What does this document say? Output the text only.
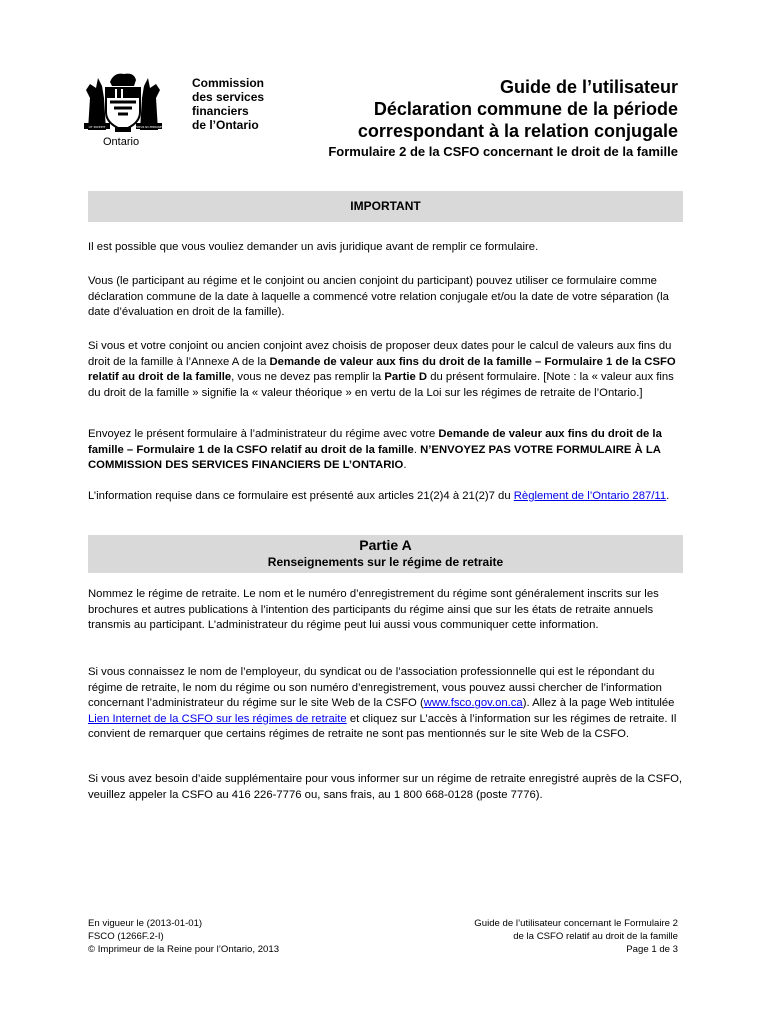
UT INCEPIT	FIDELIS SIC PERMANET
Ontario
Commission
des services
financiers
de l’Ontario
Guide de l’utilisateur
Déclaration commune de la période
correspondant à la relation conjugale
Formulaire 2 de la CSFO concernant le droit de la famille
IMPORTANT
Il est possible que vous vouliez demander un avis juridique avant de remplir ce formulaire.
Vous (le participant au régime et le conjoint ou ancien conjoint du participant) pouvez utiliser ce formulaire comme déclaration commune de la date à laquelle a commencé votre relation conjugale et/ou la date de votre séparation (la date d’évaluation en droit de la famille).
Si vous et votre conjoint ou ancien conjoint avez choisis de proposer deux dates pour le calcul de valeurs aux fins du droit de la famille à l’Annexe A de la Demande de valeur aux fins du droit de la famille – Formulaire 1 de la CSFO relatif au droit de la famille, vous ne devez pas remplir la Partie D du présent formulaire. [Note : la « valeur aux fins du droit de la famille » signifie la « valeur théorique » en vertu de la Loi sur les régimes de retraite de l’Ontario.]
Envoyez le présent formulaire à l’administrateur du régime avec votre Demande de valeur aux fins du droit de la famille – Formulaire 1 de la CSFO relatif au droit de la famille. N’ENVOYEZ PAS VOTRE FORMULAIRE À LA COMMISSION DES SERVICES FINANCIERS DE L’ONTARIO.
L’information requise dans ce formulaire est présenté aux articles 21(2)4 à 21(2)7 du Règlement de l’Ontario 287/11.
Partie A
Renseignements sur le régime de retraite
Nommez le régime de retraite. Le nom et le numéro d’enregistrement du régime sont généralement inscrits sur les brochures et autres publications à l’intention des participants du régime ainsi que sur les états de retraite annuels transmis au participant. L’administrateur du régime peut lui aussi vous communiquer cette information.
Si vous connaissez le nom de l’employeur, du syndicat ou de l’association professionnelle qui est le répondant du régime de retraite, le nom du régime ou son numéro d’enregistrement, vous pouvez aussi chercher de l’information concernant l’administrateur du régime sur le site Web de la CSFO (www.fsco.gov.on.ca). Allez à la page Web intitulée Lien Internet de la CSFO sur les régimes de retraite et cliquez sur L’accès à l’information sur les régimes de retraite. Il convient de remarquer que certains régimes de retraite ne sont pas mentionnés sur le site Web de la CSFO.
Si vous avez besoin d’aide supplémentaire pour vous informer sur un régime de retraite enregistré auprès de la CSFO, veuillez appeler la CSFO au 416 226-7776 ou, sans frais, au 1 800 668-0128 (poste 7776).
En vigueur le (2013-01-01)
FSCO (1266F.2-I)
© Imprimeur de la Reine pour l’Ontario, 2013
Guide de l’utilisateur concernant le Formulaire 2
de la CSFO relatif au droit de la famille
Page 1 de 3
